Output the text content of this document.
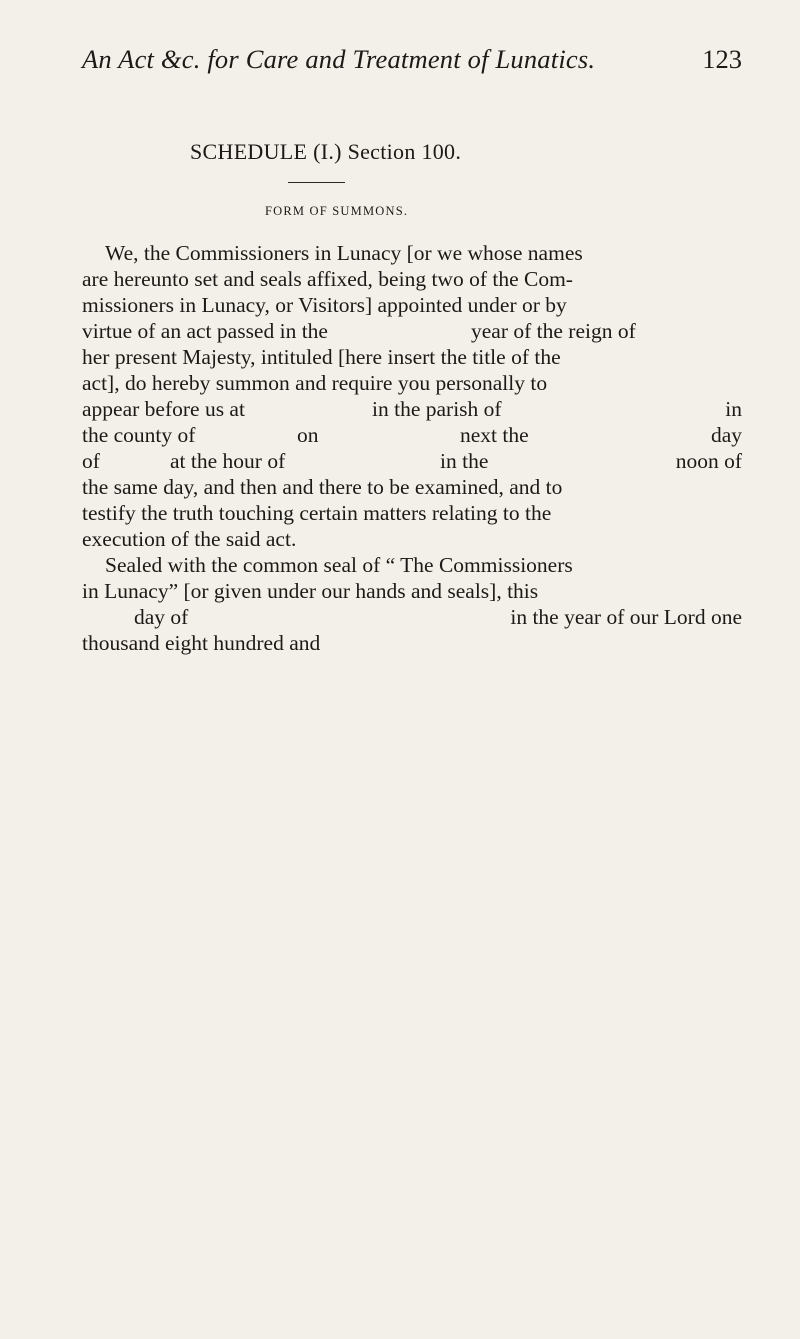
An Act &c. for Care and Treatment of Lunatics.	123
SCHEDULE (I.) Section 100.
FORM OF SUMMONS.
We, the Commissioners in Lunacy [or we whose names
are hereunto set and seals affixed, being two of the Com-
missioners in Lunacy, or Visitors] appointed under or by
virtue of an act passed in the	year of the reign of
her present Majesty, intituled [here insert the title of the
act], do hereby summon and require you personally to
appear before us at	in the parish of	in
the county of	on	next the	day
of	at the hour of	in the	noon of
the same day, and then and there to be examined, and to
testify the truth touching certain matters relating to the
execution of the said act.
Sealed with the common seal of “ The Commissioners
in Lunacy” [or given under our hands and seals], this
day of	in the year of our Lord one
thousand eight hundred and
